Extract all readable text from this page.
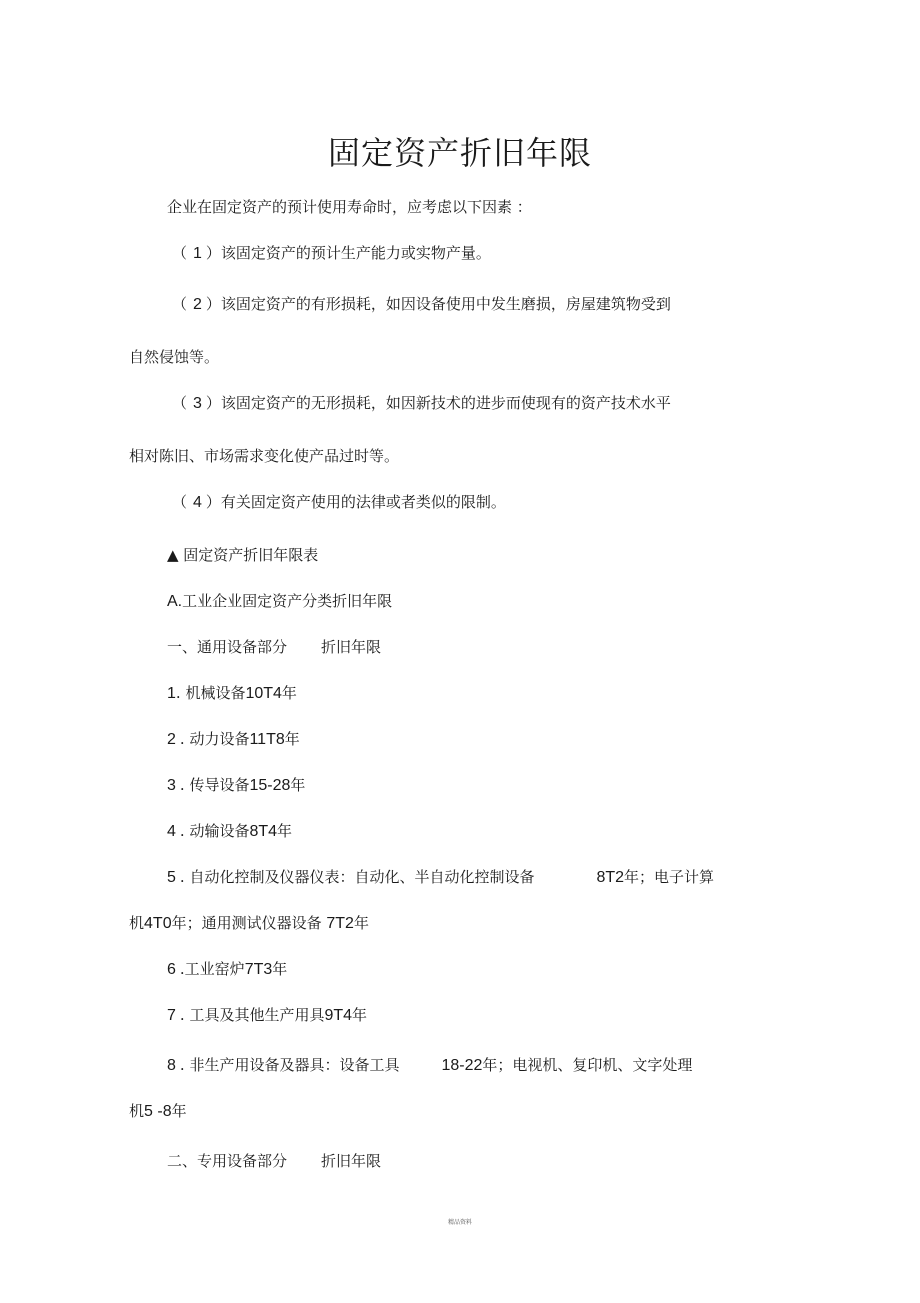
固定资产折旧年限
企业在固定资产的预计使用寿命时，应考虑以下因素 ：
（ 1 ）该固定资产的预计生产能力或实物产量。
（ 2 ）该固定资产的有形损耗，如因设备使用中发生磨损，房屋建筑物受到
自然侵蚀等。
（ 3 ）该固定资产的无形损耗，如因新技术的进步而使现有的资产技术水平
相对陈旧、市场需求变化使产品过时等。
（ 4 ）有关固定资产使用的法律或者类似的限制。
▲ 固定资产折旧年限表
A.工业企业固定资产分类折旧年限
一、通用设备部分 折旧年限
1. 机械设备10T4年
2 . 动力设备11T8年
3 . 传导设备15-28年
4 . 动输设备8T4年
5 . 自动化控制及仪器仪表：自动化、半自动化控制设备	8T2年；电子计算
机4T0年；通用测试仪器设备 7T2年
6 .工业窑炉7T3年
7 . 工具及其他生产用具9T4年
8 . 非生产用设备及器具：设备工具	18-22年；电视机、复印机、文字处理
机5 -8年
二、专用设备部分 折旧年限
精品资料
